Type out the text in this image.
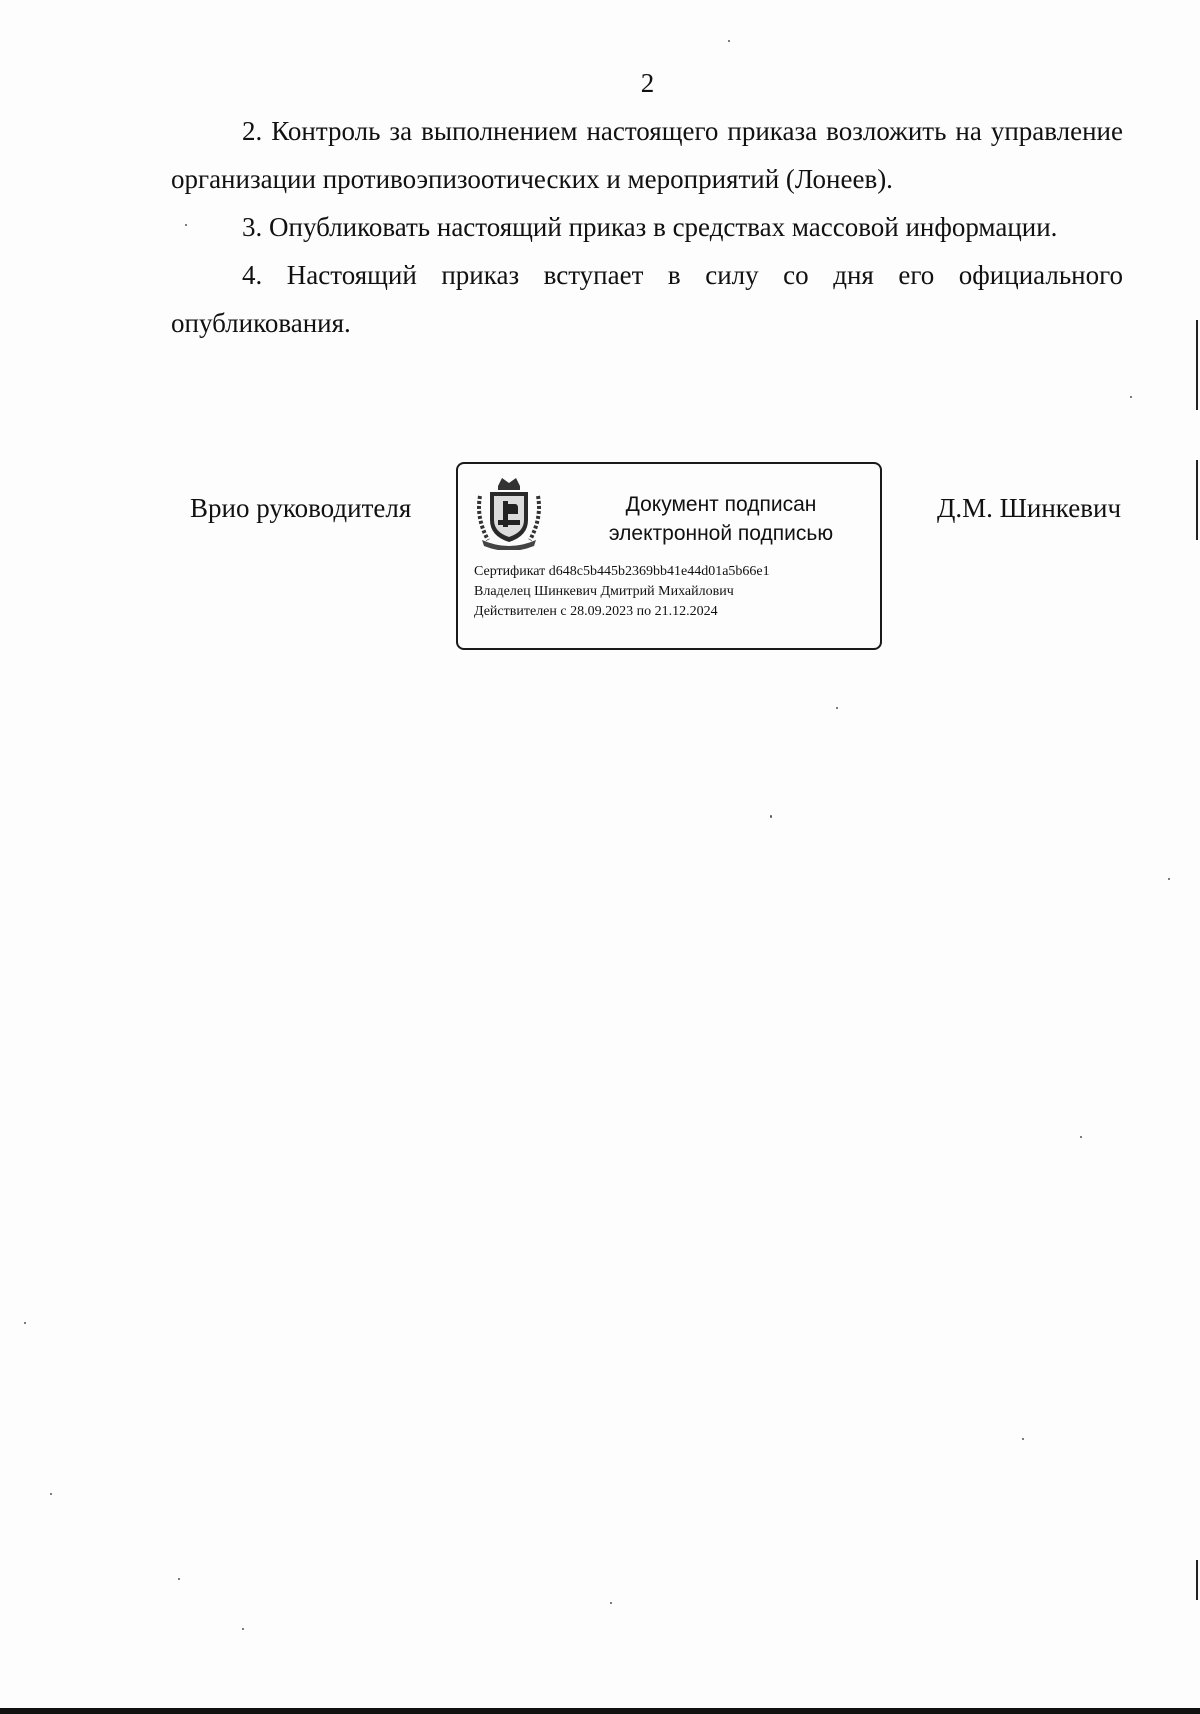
2

2. Контроль за выполнением настоящего приказа возложить на управление организации противоэпизоотических и мероприятий (Лонеев).

3. Опубликовать настоящий приказ в средствах массовой информации.

4. Настоящий приказ вступает в силу со дня его официального опубликования.

Врио руководителя	Документ подписан
электронной подписью
Сертификат d648c5b445b2369bb41e44d01a5b66e1
Владелец Шинкевич Дмитрий Михайлович
Действителен с 28.09.2023 по 21.12.2024
Д.М. Шинкевич
